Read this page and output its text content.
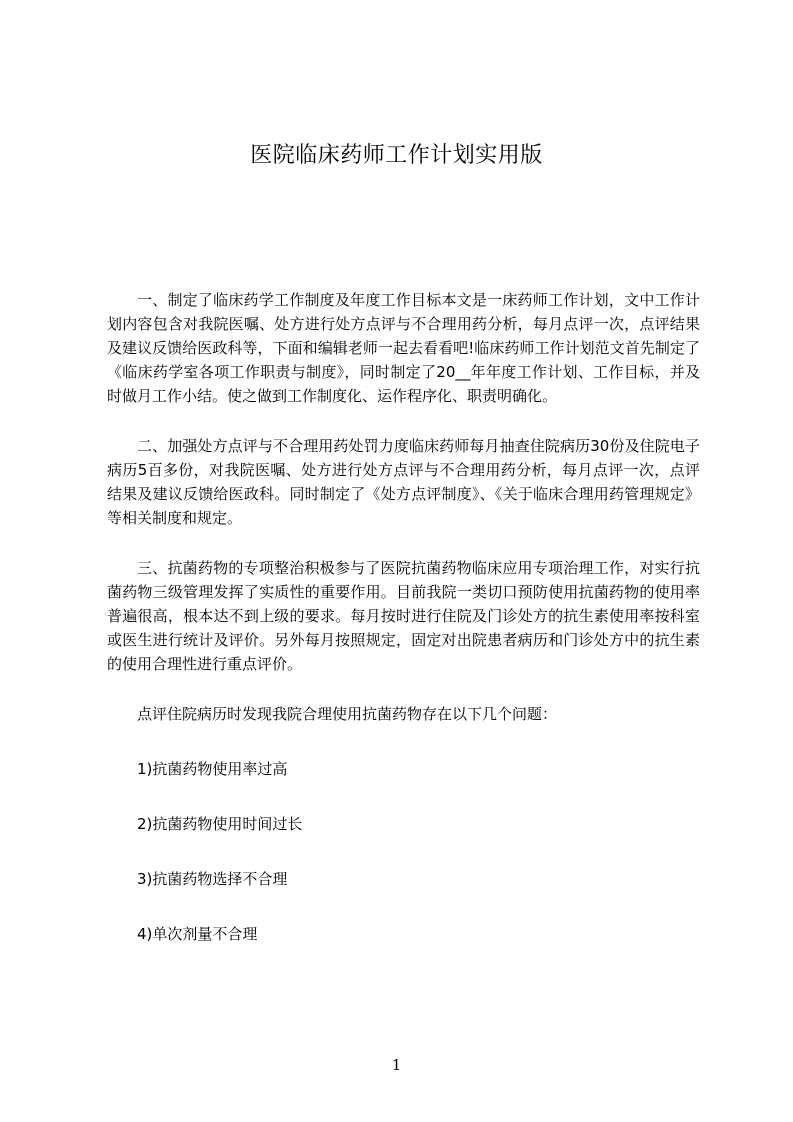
医院临床药师工作计划实用版

一、制定了临床药学工作制度及年度工作目标本文是一床药师工作计划，文中工作计划内容包含对我院医嘱、处方进行处方点评与不合理用药分析，每月点评一次，点评结果及建议反馈给医政科等，下面和编辑老师一起去看看吧!临床药师工作计划范文首先制定了《临床药学室各项工作职责与制度》，同时制定了20__年年度工作计划、工作目标，并及时做月工作小结。使之做到工作制度化、运作程序化、职责明确化。

二、加强处方点评与不合理用药处罚力度临床药师每月抽查住院病历30份及住院电子病历5百多份，对我院医嘱、处方进行处方点评与不合理用药分析，每月点评一次，点评结果及建议反馈给医政科。同时制定了《处方点评制度》、《关于临床合理用药管理规定》等相关制度和规定。

三、抗菌药物的专项整治积极参与了医院抗菌药物临床应用专项治理工作，对实行抗菌药物三级管理发挥了实质性的重要作用。目前我院一类切口预防使用抗菌药物的使用率普遍很高，根本达不到上级的要求。每月按时进行住院及门诊处方的抗生素使用率按科室或医生进行统计及评价。另外每月按照规定，固定对出院患者病历和门诊处方中的抗生素的使用合理性进行重点评价。

点评住院病历时发现我院合理使用抗菌药物存在以下几个问题：

1)抗菌药物使用率过高

2)抗菌药物使用时间过长

3)抗菌药物选择不合理

4)单次剂量不合理

1
